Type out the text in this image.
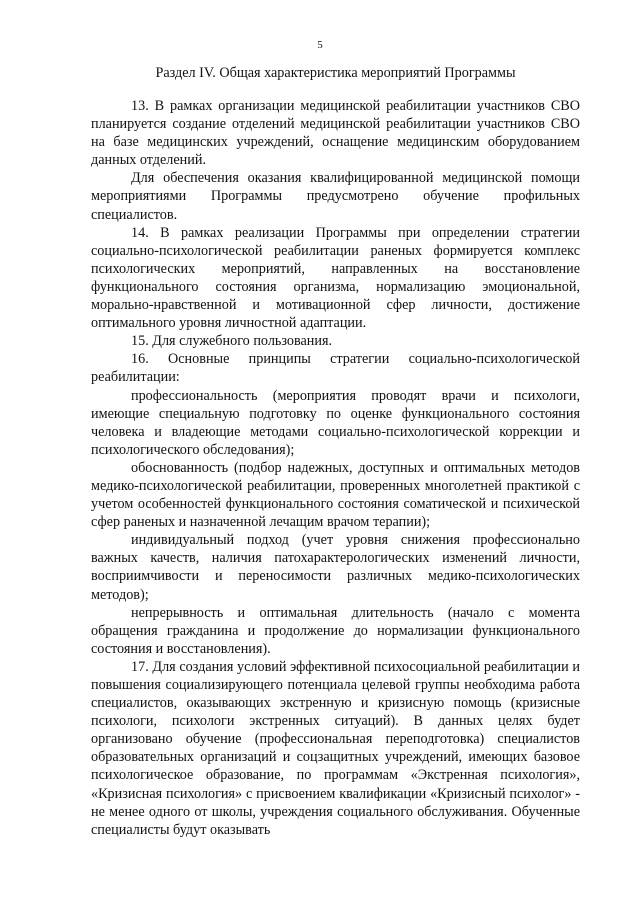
5
Раздел IV. Общая характеристика мероприятий Программы

13. В рамках организации медицинской реабилитации участников СВО планируется создание отделений медицинской реабилитации участников СВО на базе медицинских учреждений, оснащение медицинским оборудованием данных отделений.

Для обеспечения оказания квалифицированной медицинской помощи мероприятиями Программы предусмотрено обучение профильных специалистов.

14. В рамках реализации Программы при определении стратегии социально-психологической реабилитации раненых формируется комплекс психологических мероприятий, направленных на восстановление функционального состояния организма, нормализацию эмоциональной, морально-нравственной и мотивационной сфер личности, достижение оптимального уровня личностной адаптации.

15. Для служебного пользования.

16. Основные принципы стратегии социально-психологической реабилитации:

профессиональность (мероприятия проводят врачи и психологи, имеющие специальную подготовку по оценке функционального состояния человека и владеющие методами социально-психологической коррекции и психологического обследования);

обоснованность (подбор надежных, доступных и оптимальных методов медико-психологической реабилитации, проверенных многолетней практикой с учетом особенностей функционального состояния соматической и психической сфер раненых и назначенной лечащим врачом терапии);

индивидуальный подход (учет уровня снижения профессионально важных качеств, наличия патохарактерологических изменений личности, восприимчивости и переносимости различных медико-психологических методов);

непрерывность и оптимальная длительность (начало с момента обращения гражданина и продолжение до нормализации функционального состояния и восстановления).

17. Для создания условий эффективной психосоциальной реабилитации и повышения социализирующего потенциала целевой группы необходима работа специалистов, оказывающих экстренную и кризисную помощь (кризисные психологи, психологи экстренных ситуаций). В данных целях будет организовано обучение (профессиональная переподготовка) специалистов образовательных организаций и соцзащитных учреждений, имеющих базовое психологическое образование, по программам «Экстренная психология», «Кризисная психология» с присвоением квалификации «Кризисный психолог» - не менее одного от школы, учреждения социального обслуживания. Обученные специалисты будут оказывать
